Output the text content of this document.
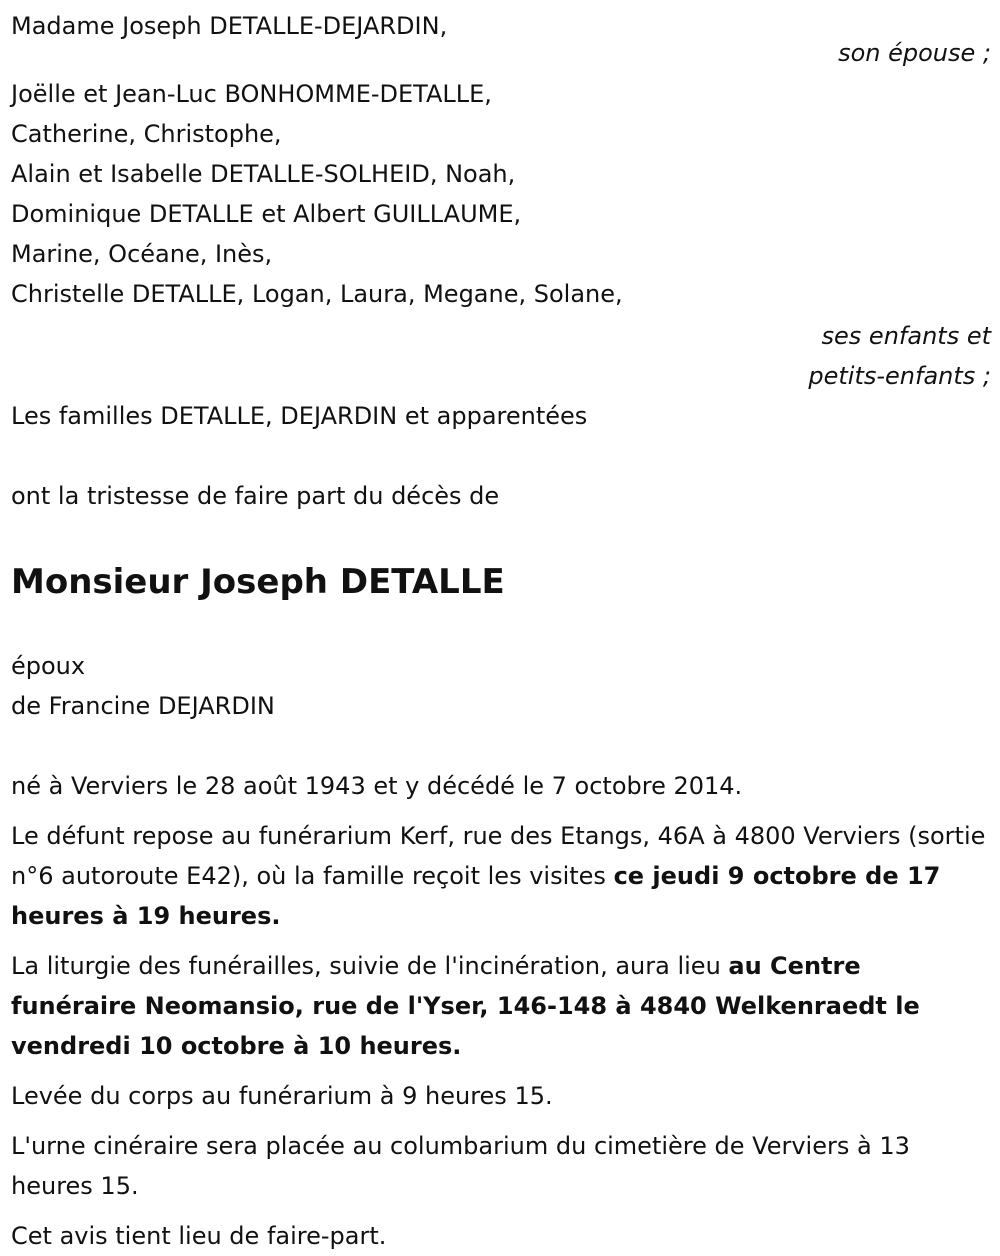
Madame Joseph DETALLE-DEJARDIN,
son épouse ;
Joëlle et Jean-Luc BONHOMME-DETALLE,
Catherine, Christophe,
Alain et Isabelle DETALLE-SOLHEID, Noah,
Dominique DETALLE et Albert GUILLAUME,
Marine, Océane, Inès,
Christelle DETALLE, Logan, Laura, Megane, Solane,
ses enfants et
petits-enfants ;
Les familles DETALLE, DEJARDIN et apparentées
ont la tristesse de faire part du décès de
Monsieur Joseph DETALLE
époux
de Francine DEJARDIN
né à Verviers le 28 août 1943 et y décédé le 7 octobre 2014.

Le défunt repose au funérarium Kerf, rue des Etangs, 46A à 4800 Verviers (sortie n°6 autoroute E42), où la famille reçoit les visites ce jeudi 9 octobre de 17 heures à 19 heures.

La liturgie des funérailles, suivie de l'incinération, aura lieu au Centre funéraire Neomansio, rue de l'Yser, 146-148 à 4840 Welkenraedt le vendredi 10 octobre à 10 heures.

Levée du corps au funérarium à 9 heures 15.

L'urne cinéraire sera placée au columbarium du cimetière de Verviers à 13 heures 15.

Cet avis tient lieu de faire-part.
